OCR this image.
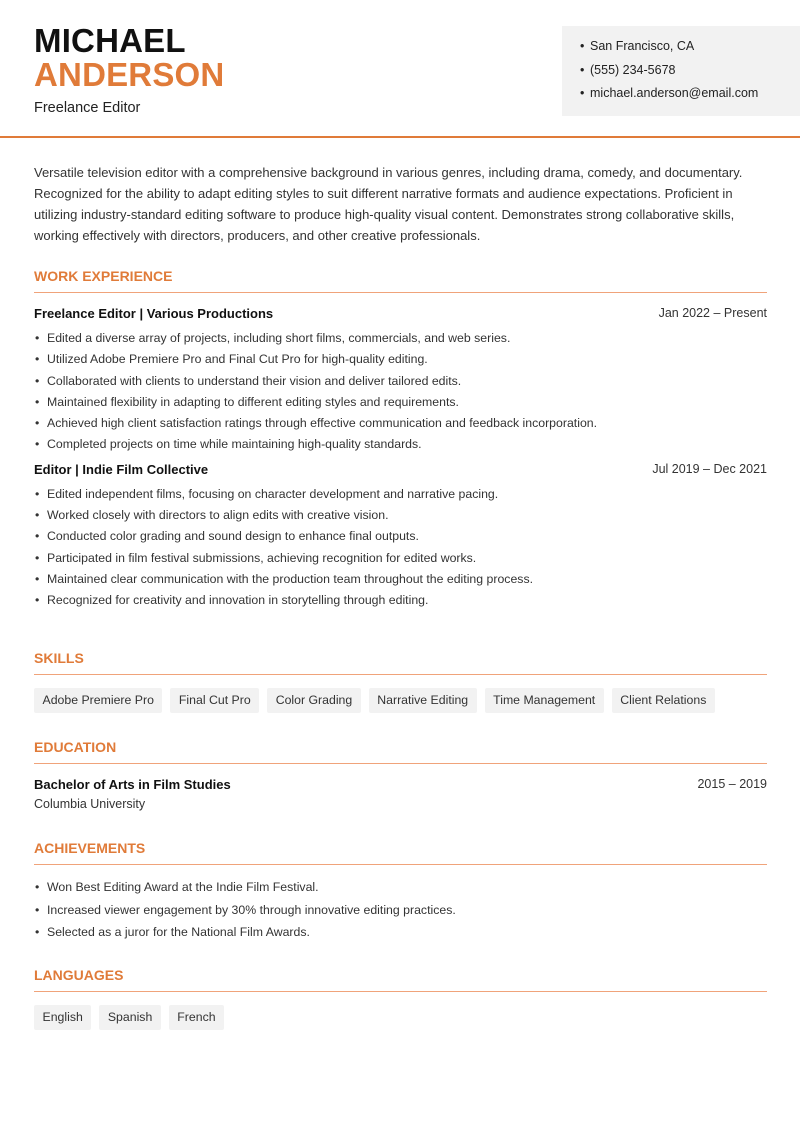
MICHAEL
ANDERSON
Freelance Editor
• San Francisco, CA
• (555) 234-5678
• michael.anderson@email.com

Versatile television editor with a comprehensive background in various genres, including drama, comedy, and documentary. Recognized for the ability to adapt editing styles to suit different narrative formats and audience expectations. Proficient in utilizing industry-standard editing software to produce high-quality visual content. Demonstrates strong collaborative skills, working effectively with directors, producers, and other creative professionals.

WORK EXPERIENCE
Freelance Editor | Various Productions	Jan 2022 – Present
• Edited a diverse array of projects, including short films, commercials, and web series.
• Utilized Adobe Premiere Pro and Final Cut Pro for high-quality editing.
• Collaborated with clients to understand their vision and deliver tailored edits.
• Maintained flexibility in adapting to different editing styles and requirements.
• Achieved high client satisfaction ratings through effective communication and feedback incorporation.
• Completed projects on time while maintaining high-quality standards.
Editor | Indie Film Collective	Jul 2019 – Dec 2021
• Edited independent films, focusing on character development and narrative pacing.
• Worked closely with directors to align edits with creative vision.
• Conducted color grading and sound design to enhance final outputs.
• Participated in film festival submissions, achieving recognition for edited works.
• Maintained clear communication with the production team throughout the editing process.
• Recognized for creativity and innovation in storytelling through editing.
SKILLS
Adobe Premiere Pro	Final Cut Pro	Color Grading	Narrative Editing	Time Management	Client Relations
EDUCATION
Bachelor of Arts in Film Studies	2015 – 2019
Columbia University
ACHIEVEMENTS
• Won Best Editing Award at the Indie Film Festival.
• Increased viewer engagement by 30% through innovative editing practices.
• Selected as a juror for the National Film Awards.
LANGUAGES
English	Spanish	French
